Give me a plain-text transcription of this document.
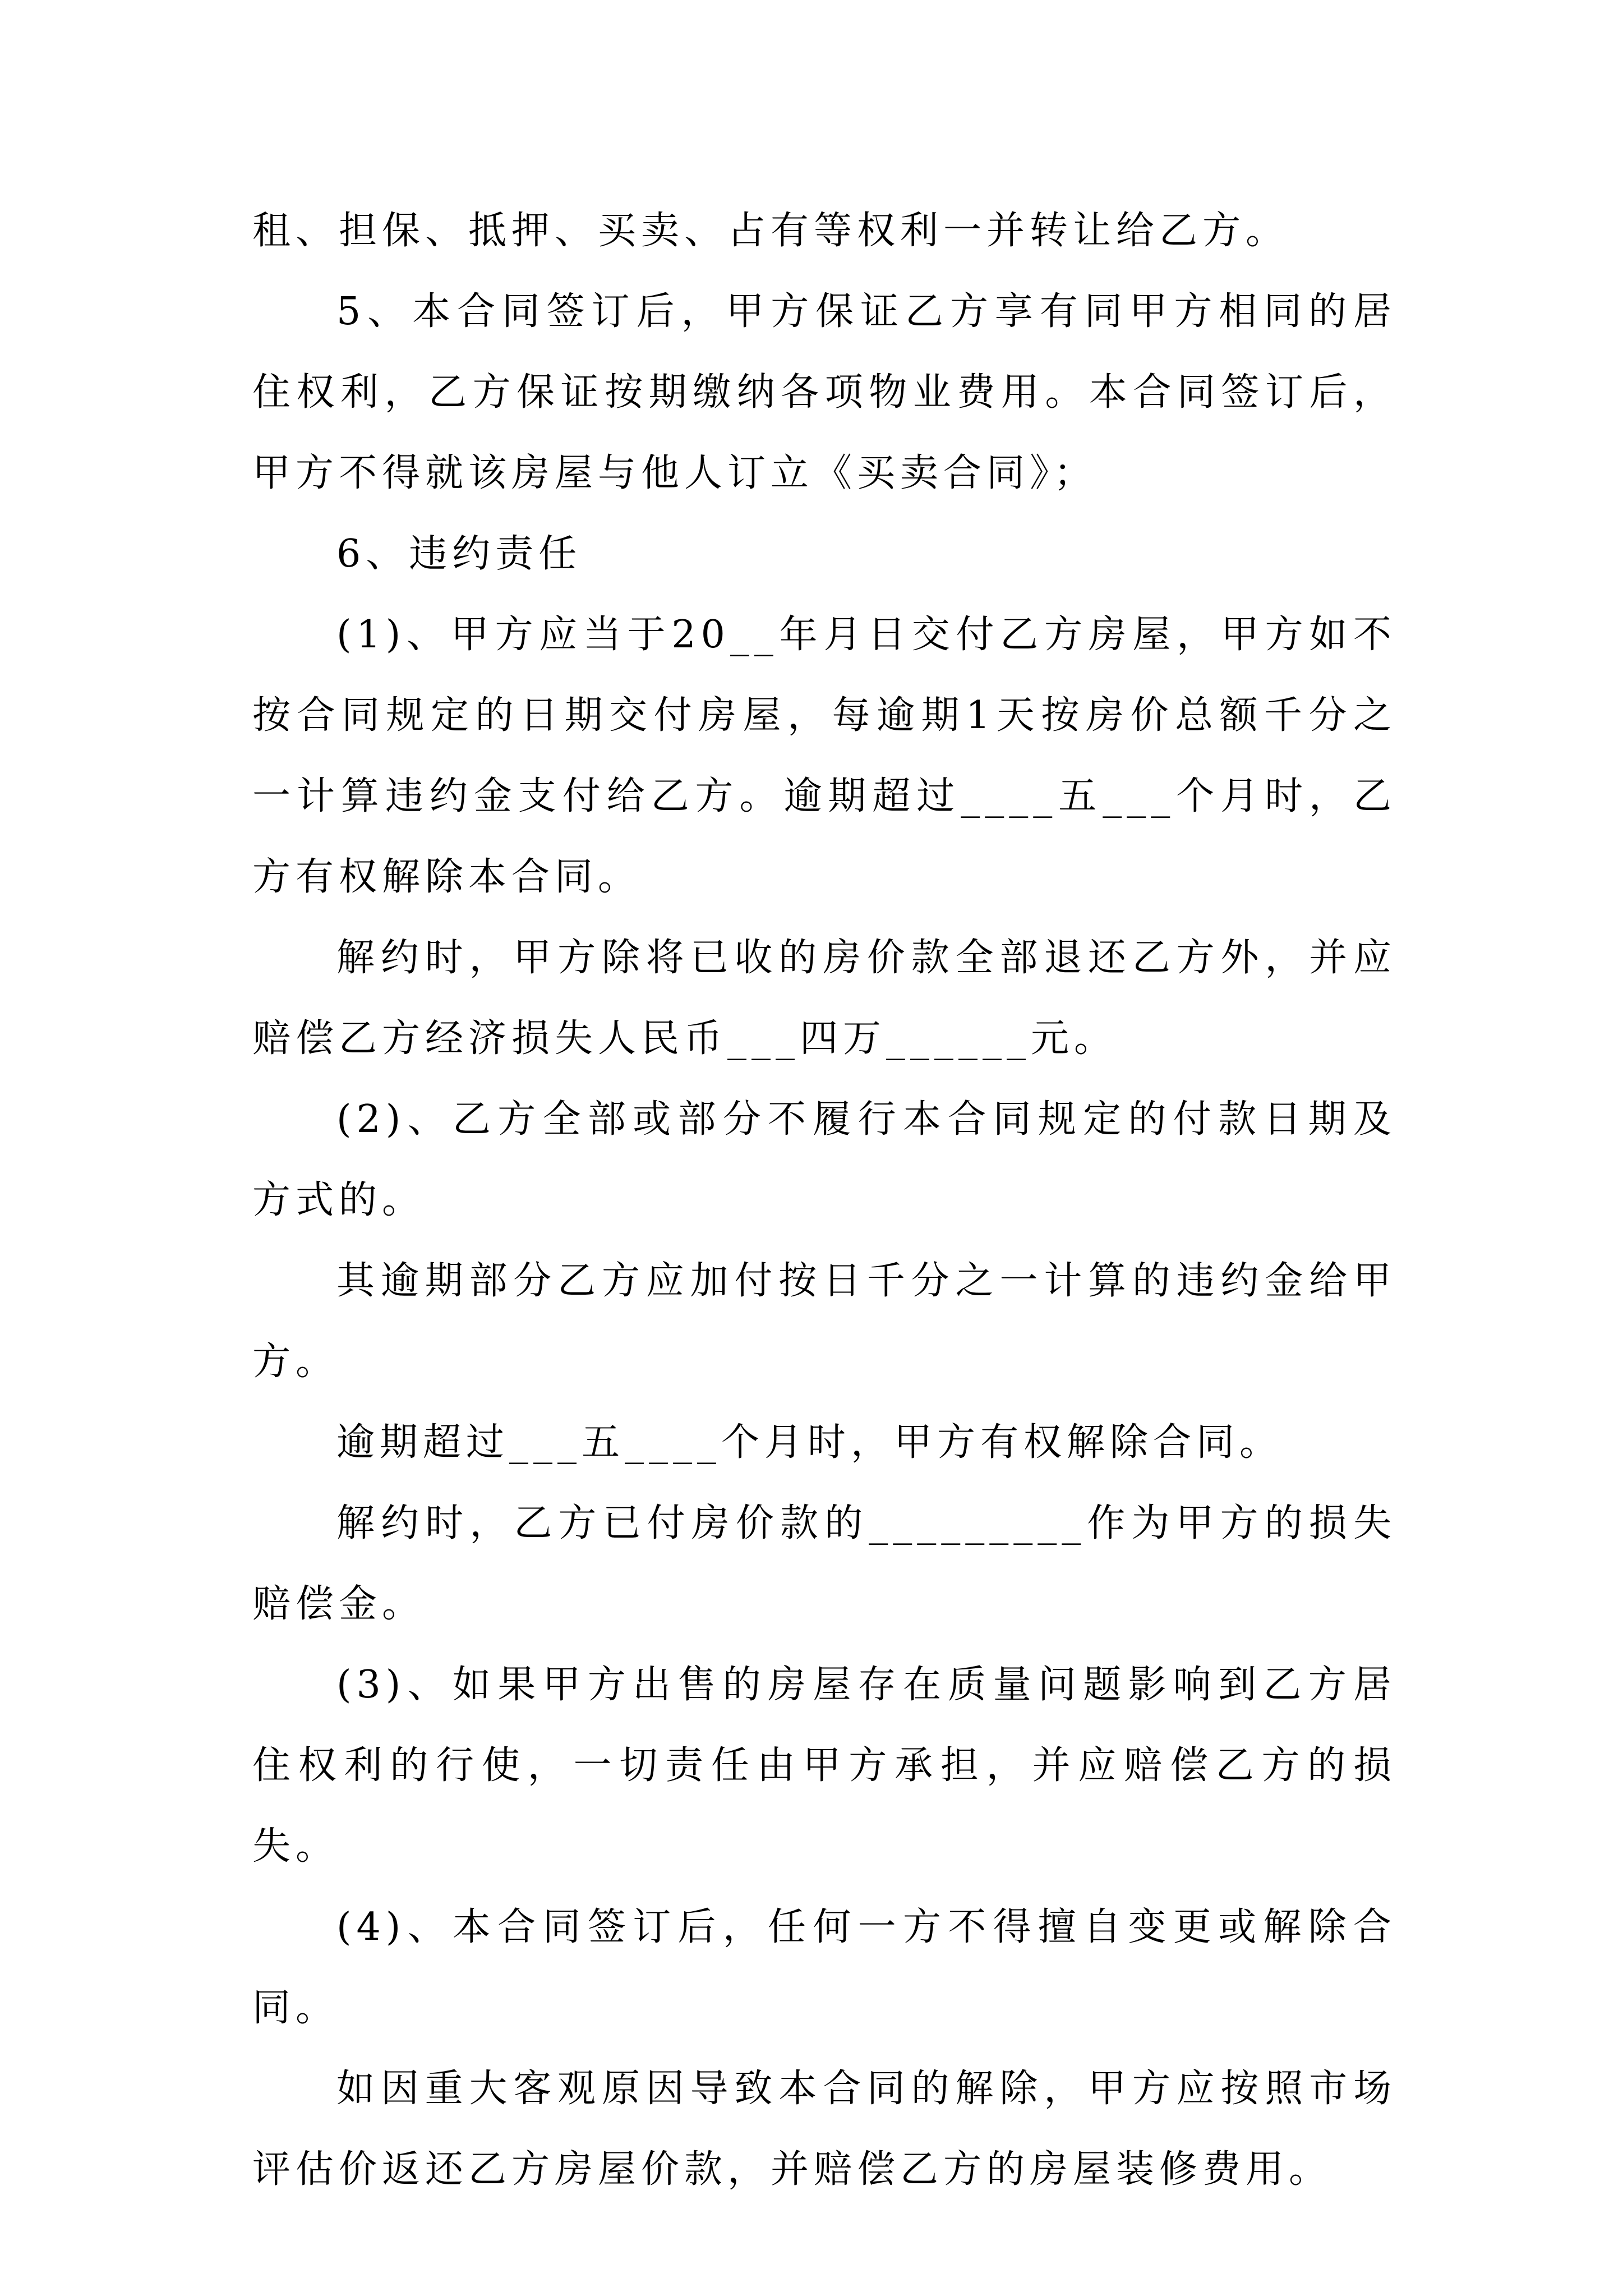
租、担保、抵押、买卖、占有等权利一并转让给乙方。

5、本合同签订后，甲方保证乙方享有同甲方相同的居住权利，乙方保证按期缴纳各项物业费用。本合同签订后，甲方不得就该房屋与他人订立《买卖合同》；

6、违约责任

(1)、甲方应当于20__年月日交付乙方房屋，甲方如不按合同规定的日期交付房屋，每逾期1天按房价总额千分之一计算违约金支付给乙方。逾期超过____五___个月时，乙方有权解除本合同。

解约时，甲方除将已收的房价款全部退还乙方外，并应赔偿乙方经济损失人民币___四万______元。

(2)、乙方全部或部分不履行本合同规定的付款日期及方式的。

其逾期部分乙方应加付按日千分之一计算的违约金给甲方。

逾期超过___五____个月时，甲方有权解除合同。

解约时，乙方已付房价款的_________作为甲方的损失赔偿金。

(3)、如果甲方出售的房屋存在质量问题影响到乙方居住权利的行使，一切责任由甲方承担，并应赔偿乙方的损失。

(4)、本合同签订后，任何一方不得擅自变更或解除合同。

如因重大客观原因导致本合同的解除，甲方应按照市场评估价返还乙方房屋价款，并赔偿乙方的房屋装修费用。
